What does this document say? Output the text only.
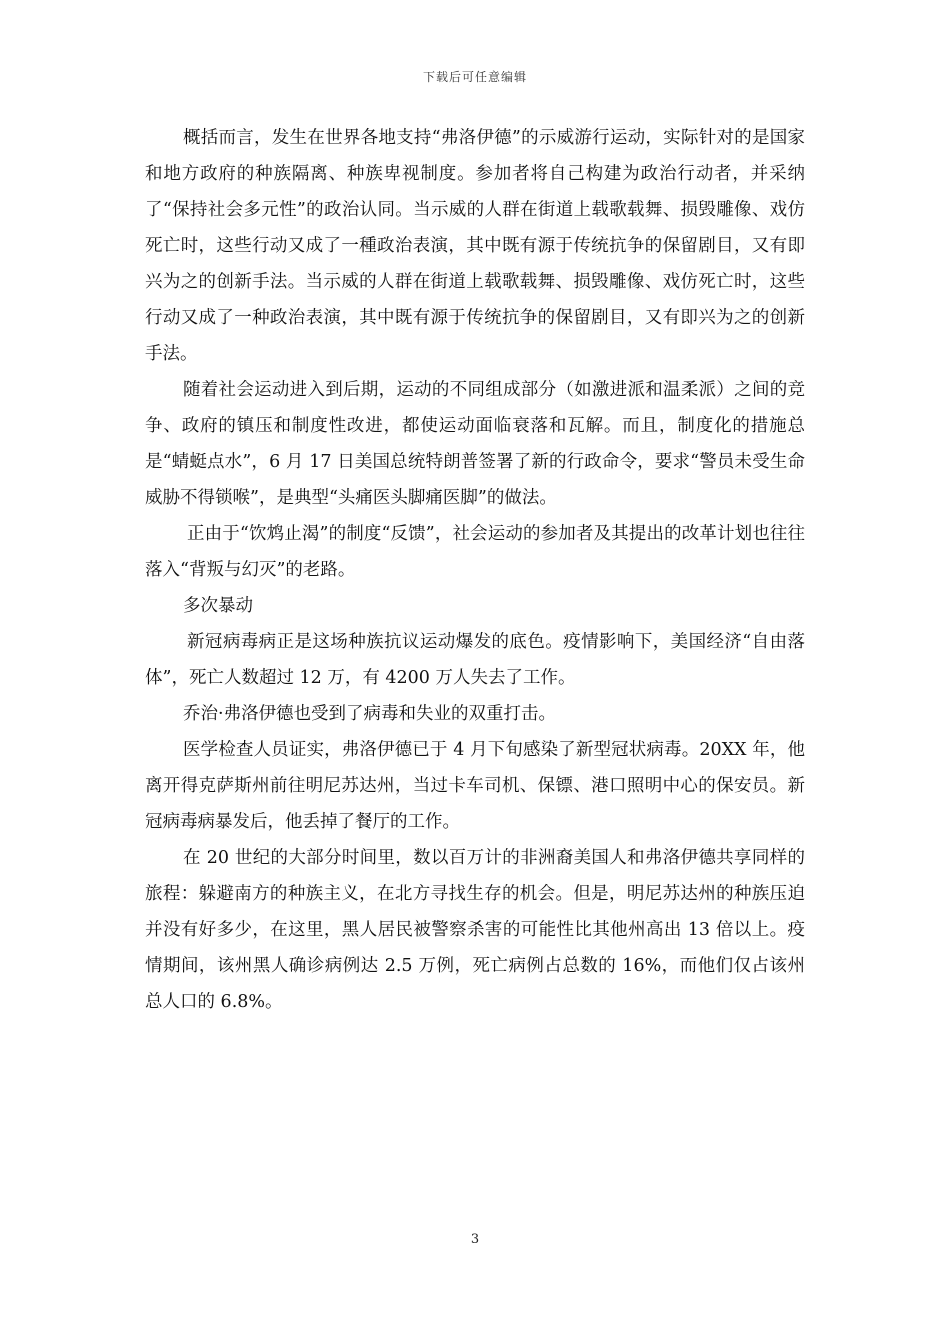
下载后可任意编辑

概括而言，发生在世界各地支持“弗洛伊德”的示威游行运动，实际针对的是国家和地方政府的种族隔离、种族卑视制度。参加者将自己构建为政治行动者，并采纳了“保持社会多元性”的政治认同。当示威的人群在街道上载歌载舞、损毁雕像、戏仿死亡时，这些行动又成了一種政治表演，其中既有源于传统抗争的保留剧目，又有即兴为之的创新手法。当示威的人群在街道上载歌载舞、损毁雕像、戏仿死亡时，这些行动又成了一种政治表演，其中既有源于传统抗争的保留剧目，又有即兴为之的创新手法。

随着社会运动进入到后期，运动的不同组成部分（如激进派和温柔派）之间的竞争、政府的镇压和制度性改进，都使运动面临衰落和瓦解。而且，制度化的措施总是“蜻蜓点水”，6 月 17 日美国总统特朗普签署了新的行政命令，要求“警员未受生命威胁不得锁喉”，是典型“头痛医头脚痛医脚”的做法。

正由于“饮鸩止渴”的制度“反馈”，社会运动的参加者及其提出的改革计划也往往落入“背叛与幻灭”的老路。

多次暴动

新冠病毒病正是这场种族抗议运动爆发的底色。疫情影响下，美国经济“自由落体”，死亡人数超过 12 万，有 4200 万人失去了工作。

乔治·弗洛伊德也受到了病毒和失业的双重打击。

医学检查人员证实，弗洛伊德已于 4 月下旬感染了新型冠状病毒。20XX 年，他离开得克萨斯州前往明尼苏达州，当过卡车司机、保镖、港口照明中心的保安员。新冠病毒病暴发后，他丢掉了餐厅的工作。

在 20 世纪的大部分时间里，数以百万计的非洲裔美国人和弗洛伊德共享同样的旅程：躲避南方的种族主义，在北方寻找生存的机会。但是，明尼苏达州的种族压迫并没有好多少，在这里，黑人居民被警察杀害的可能性比其他州高出 13 倍以上。疫情期间，该州黑人确诊病例达 2.5 万例，死亡病例占总数的 16%，而他们仅占该州总人口的 6.8%。

3
